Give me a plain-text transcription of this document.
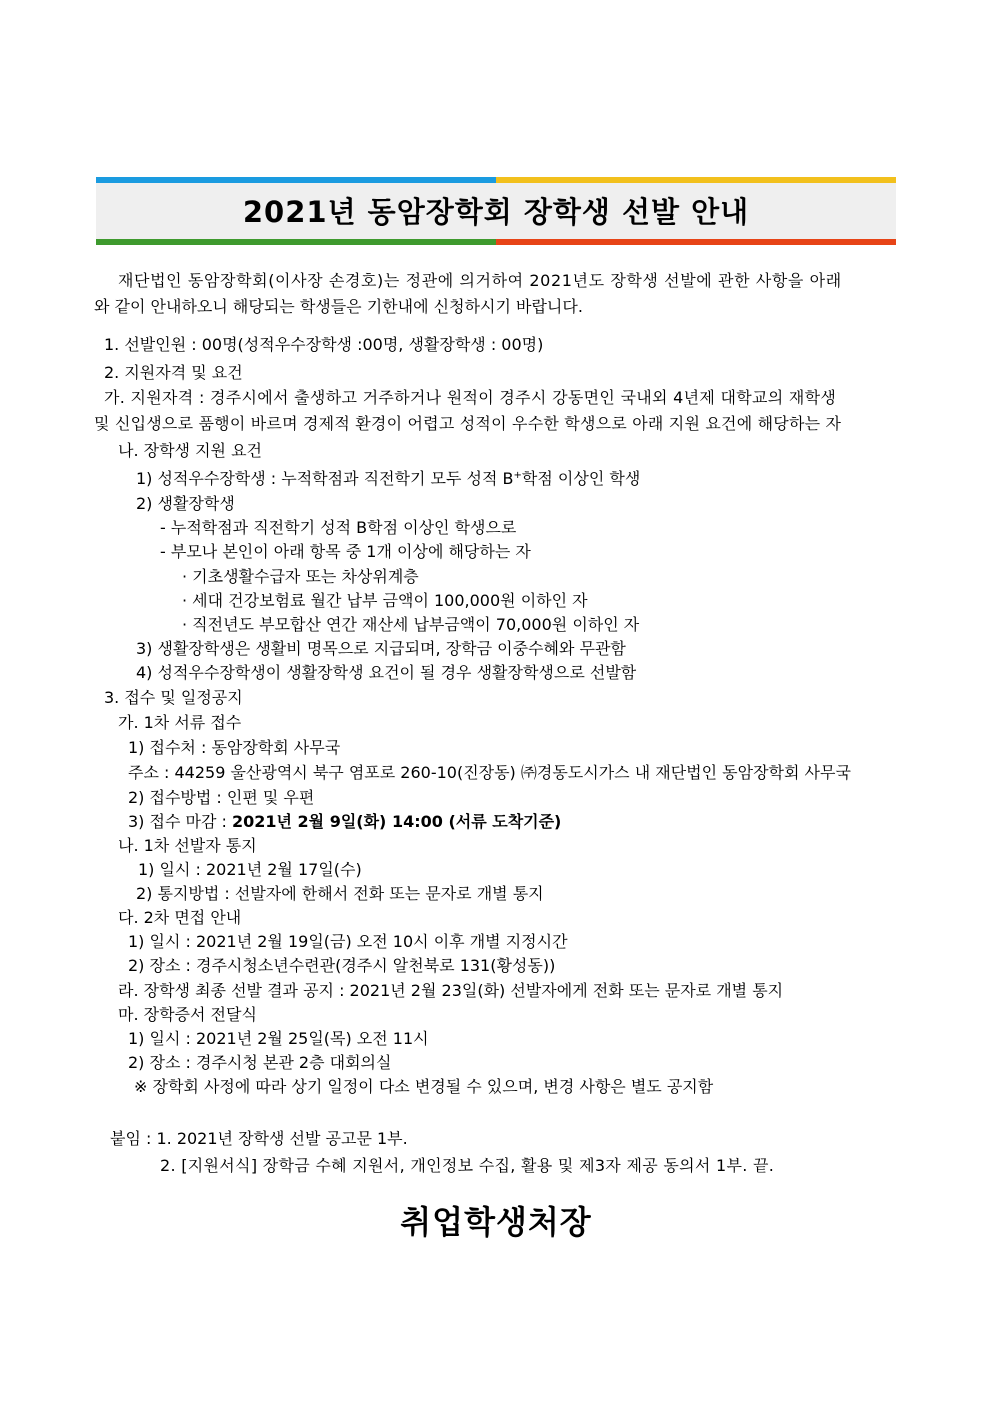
2021년 동암장학회 장학생 선발 안내
재단법인 동암장학회(이사장 손경호)는 정관에 의거하여 2021년도 장학생 선발에 관한 사항을 아래
와 같이 안내하오니 해당되는 학생들은 기한내에 신청하시기 바랍니다.
1. 선발인원 : 00명(성적우수장학생 :00명, 생활장학생 : 00명)
2. 지원자격 및 요건
가. 지원자격 : 경주시에서 출생하고 거주하거나 원적이 경주시 강동면인 국내외 4년제 대학교의 재학생
및 신입생으로 품행이 바르며 경제적 환경이 어렵고 성적이 우수한 학생으로 아래 지원 요건에 해당하는 자
나. 장학생 지원 요건
1) 성적우수장학생 : 누적학점과 직전학기 모두 성적 B+학점 이상인 학생
2) 생활장학생
- 누적학점과 직전학기 성적 B학점 이상인 학생으로
- 부모나 본인이 아래 항목 중 1개 이상에 해당하는 자
· 기초생활수급자 또는 차상위계층
· 세대 건강보험료 월간 납부 금액이 100,000원 이하인 자
· 직전년도 부모합산 연간 재산세 납부금액이 70,000원 이하인 자
3) 생활장학생은 생활비 명목으로 지급되며, 장학금 이중수혜와 무관함
4) 성적우수장학생이 생활장학생 요건이 될 경우 생활장학생으로 선발함
3. 접수 및 일정공지
가. 1차 서류 접수
1) 접수처 : 동암장학회 사무국
주소 : 44259 울산광역시 북구 염포로 260-10(진장동) ㈜경동도시가스 내 재단법인 동암장학회 사무국
2) 접수방법 : 인편 및 우편
3) 접수 마감 : 2021년 2월 9일(화) 14:00 (서류 도착기준)
나. 1차 선발자 통지
1) 일시 : 2021년 2월 17일(수)
2) 통지방법 : 선발자에 한해서 전화 또는 문자로 개별 통지
다. 2차 면접 안내
1) 일시 : 2021년 2월 19일(금) 오전 10시 이후 개별 지정시간
2) 장소 : 경주시청소년수련관(경주시 알천북로 131(황성동))
라. 장학생 최종 선발 결과 공지 : 2021년 2월 23일(화) 선발자에게 전화 또는 문자로 개별 통지
마. 장학증서 전달식
1) 일시 : 2021년 2월 25일(목) 오전 11시
2) 장소 : 경주시청 본관 2층 대회의실
※ 장학회 사정에 따라 상기 일정이 다소 변경될 수 있으며, 변경 사항은 별도 공지함
붙임 : 1. 2021년 장학생 선발 공고문 1부.
2. [지원서식] 장학금 수혜 지원서, 개인정보 수집, 활용 및 제3자 제공 동의서 1부. 끝.
취업학생처장
